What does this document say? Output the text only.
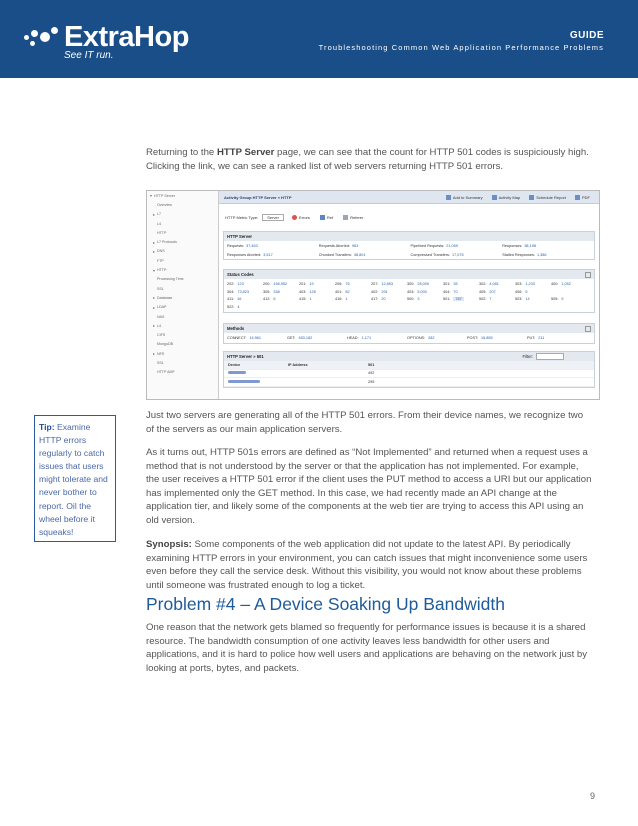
ExtraHop
See IT run.
GUIDE
Troubleshooting Common Web Application Performance Problems
Returning to the HTTP Server page, we can see that the count for HTTP 501 codes is suspiciously high. Clicking the link, we can see a ranked list of web servers returning HTTP 501 errors.
▾ HTTP Server
Overview
▸ L7
L4
HTTP
▸ L7 Protocols
▸ DNS
FTP
▾ HTTP
Processing Time
SSL
▸ Database
▸ LDAP
NAS
▸ L4
CIFS
MongoDB
▸ NFS
SSL
HTTP AMF
Activity Group HTTP Server » HTTP	Add to Summary	Activity Map	Schedule Report	PDF
HTTP Metric Type:	Server	Errors	Ref	Referer
HTTP Server
Requests: 37,463	Requests Aborted: 963	Pipelined Requests: 21,059	Responses: 38,198
Responses Aborted: 3,517	Chunked Transfers: 38,801	Compressed Transfers: 17,075	Stalled Responses: 1,386
Status Codes
202: 123	200: 156,952	201: 19	206: 76	207: 12,853	300: 28,000	301: 35	302: 4,081	303: 1,233	400: 1,052
304: 73,823	305: 338	403: 128	401: 82	402: 291	403: 5,000	404: 70	405: 207	406: 5
411: 16	412: 6	415: 1	416: 1	417: 20	500: 3	501: 787	502: 7	503: 14	505: 9
522: 4
Methods
CONNECT: 14,961	GET: 453,182	HEAD: 1,171	OPTIONS: 282	POST: 16,855	PUT: 211
HTTP Server » 501	Filter:
Device	IP Address	501
492
295
Tip: Examine HTTP errors regularly to catch issues that users might tolerate and never bother to report. Oil the wheel before it squeaks!
Just two servers are generating all of the HTTP 501 errors. From their device names, we recognize two of the servers as our main application servers.
As it turns out, HTTP 501s errors are defined as “Not Implemented” and returned when a request uses a method that is not understood by the server or that the application has not implemented. For example, the user receives a HTTP 501 error if the client uses the PUT method to access a URI but our application has implemented only the GET method. In this case, we had recently made an API change at the application tier, and likely some of the components at the web tier are trying to access this API using an old version.
Synopsis: Some components of the web application did not update to the latest API. By periodically examining HTTP errors in your environment, you can catch issues that might inconvenience some users even before they call the service desk. Without this visibility, you would not know about these problems until someone was frustrated enough to log a ticket.
Problem #4 – A Device Soaking Up Bandwidth
One reason that the network gets blamed so frequently for performance issues is because it is a shared resource. The bandwidth consumption of one activity leaves less bandwidth for other users and applications, and it is hard to police how well users and applications are behaving on the network just by looking at ports, bytes, and packets.
9
